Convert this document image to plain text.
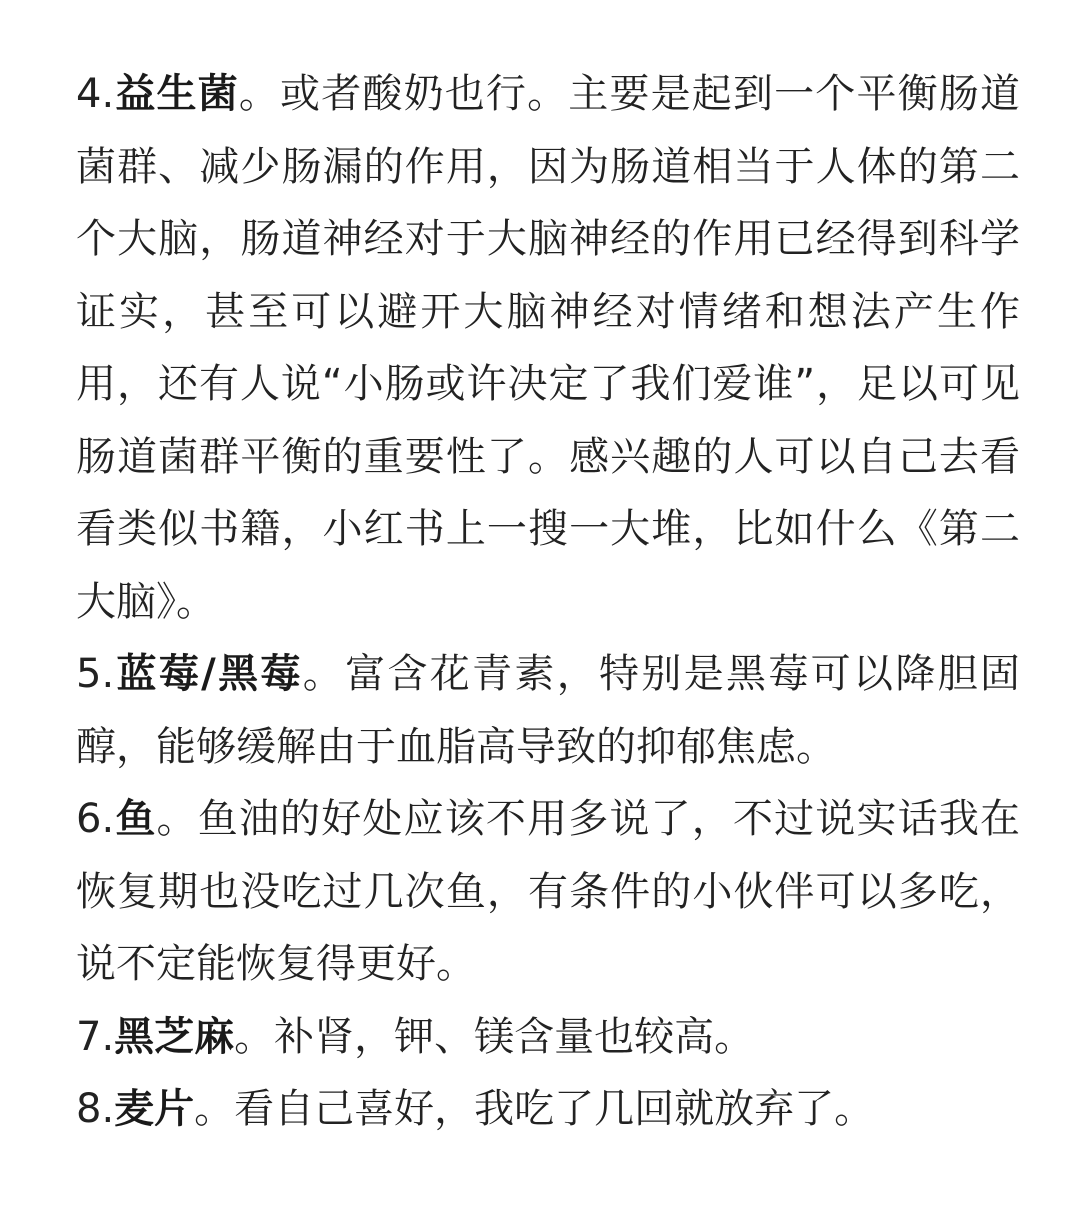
4.益生菌。或者酸奶也行。主要是起到一个平衡肠道菌群、减少肠漏的作用，因为肠道相当于人体的第二个大脑，肠道神经对于大脑神经的作用已经得到科学证实，甚至可以避开大脑神经对情绪和想法产生作用，还有人说“小肠或许决定了我们爱谁”，足以可见肠道菌群平衡的重要性了。感兴趣的人可以自己去看看类似书籍，小红书上一搜一大堆，比如什么《第二大脑》。

5.蓝莓/黑莓。富含花青素，特别是黑莓可以降胆固醇，能够缓解由于血脂高导致的抑郁焦虑。

6.鱼。鱼油的好处应该不用多说了，不过说实话我在恢复期也没吃过几次鱼，有条件的小伙伴可以多吃，说不定能恢复得更好。

7.黑芝麻。补肾，钾、镁含量也较高。

8.麦片。看自己喜好，我吃了几回就放弃了。
